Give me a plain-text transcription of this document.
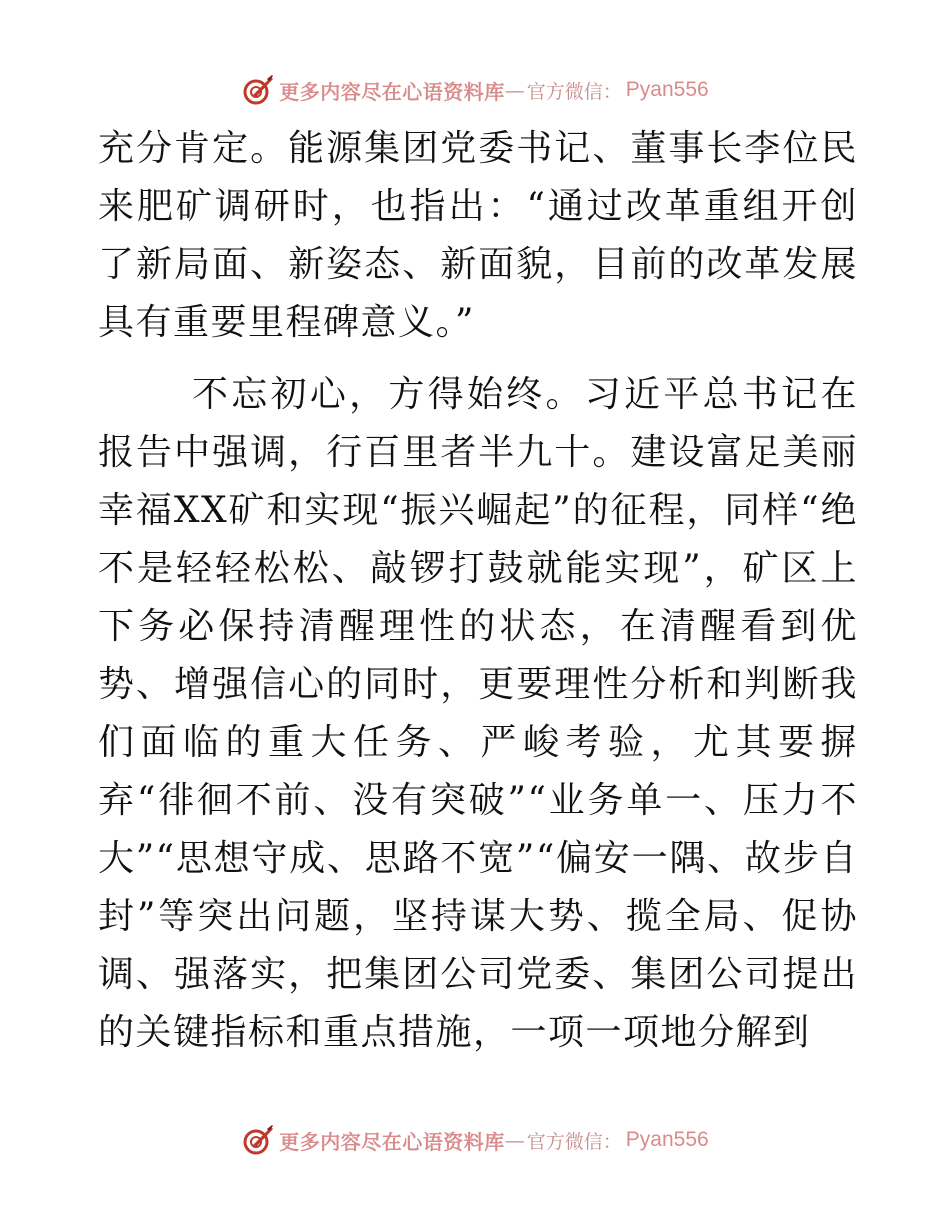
更多内容尽在心语资料库 — 官方微信： Pyan556

充分肯定。能源集团党委书记、董事长李位民来肥矿调研时，也指出：“通过改革重组开创了新局面、新姿态、新面貌，目前的改革发展具有重要里程碑意义。”

不忘初心，方得始终。习近平总书记在报告中强调，行百里者半九十。建设富足美丽幸福XX矿和实现“振兴崛起”的征程，同样“绝不是轻轻松松、敲锣打鼓就能实现”，矿区上下务必保持清醒理性的状态，在清醒看到优势、增强信心的同时，更要理性分析和判断我们面临的重大任务、严峻考验，尤其要摒弃“徘徊不前、没有突破”“业务单一、压力不大”“思想守成、思路不宽”“偏安一隅、故步自封”等突出问题，坚持谋大势、揽全局、促协调、强落实，把集团公司党委、集团公司提出的关键指标和重点措施，一项一项地分解到

更多内容尽在心语资料库 — 官方微信： Pyan556
